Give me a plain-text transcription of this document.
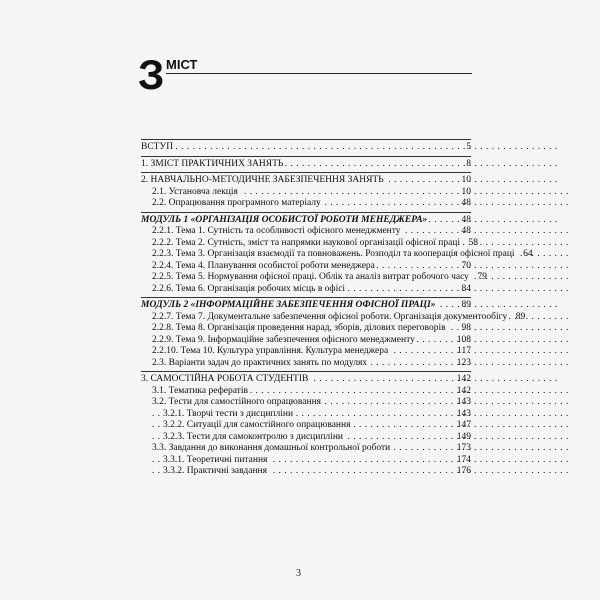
З МІСТ
ВСТУП . . .	5
1. ЗМІСТ ПРАКТИЧНИХ ЗАНЯТЬ . . .	8
2. НАВЧАЛЬНО-МЕТОДИЧНЕ ЗАБЕЗПЕЧЕННЯ ЗАНЯТЬ . . .	10
2.1. Установча лекція . . .	10
2.2. Опрацювання програмного матеріалу . . .	48
МОДУЛЬ 1 «ОРГАНІЗАЦІЯ ОСОБИСТОЇ РОБОТИ МЕНЕДЖЕРА» . . .	48
2.2.1. Тема 1. Сутність та особливості офісного менеджменту . . .	48
2.2.2. Тема 2. Сутність, зміст та напрямки наукової організації офісної праці . . . 58
2.2.3. Тема 3. Організація взаємодії та повноважень. Розподіл та кооперація офісної праці . . . 64
2.2.4. Тема 4. Планування особистої роботи менеджера . . .	70
2.2.5. Тема 5. Нормування офісної праці. Облік та аналіз витрат робочого часу . . . 79
2.2.6. Тема 6. Організація робочих місць в офісі . . .	84
МОДУЛЬ 2 «ІНФОРМАЦІЙНЕ ЗАБЕЗПЕЧЕННЯ ОФІСНОЇ ПРАЦІ» . . .	89
2.2.7. Тема 7. Документальне забезпечення офісної роботи. Організація документообігу . . . 89
2.2.8. Тема 8. Організація проведення нарад, зборів, ділових переговорів . . .	98
2.2.9. Тема 9. Інформаційне забезпечення офісного менеджменту . . .	108
2.2.10. Тема 10. Культура управління. Культура менеджера . . .	117
2.3. Варіанти задач до практичних занять по модулях . . .	123
3. САМОСТІЙНА РОБОТА СТУДЕНТІВ . . .	142
3.1. Тематика рефератів . . .	142
3.2. Тести для самостійного опрацювання . . .	143
3.2.1. Творчі тести з дисципліни . . .	143
3.2.2. Ситуації для самостійного опрацювання . . .	147
3.2.3. Тести для самоконтролю з дисципліни . . .	149
3.3. Завдання до виконання домашньої контрольної роботи . . .	173
3.3.1. Теоретичні питання . . .	174
3.3.2. Практичні завдання . . .	176
3
